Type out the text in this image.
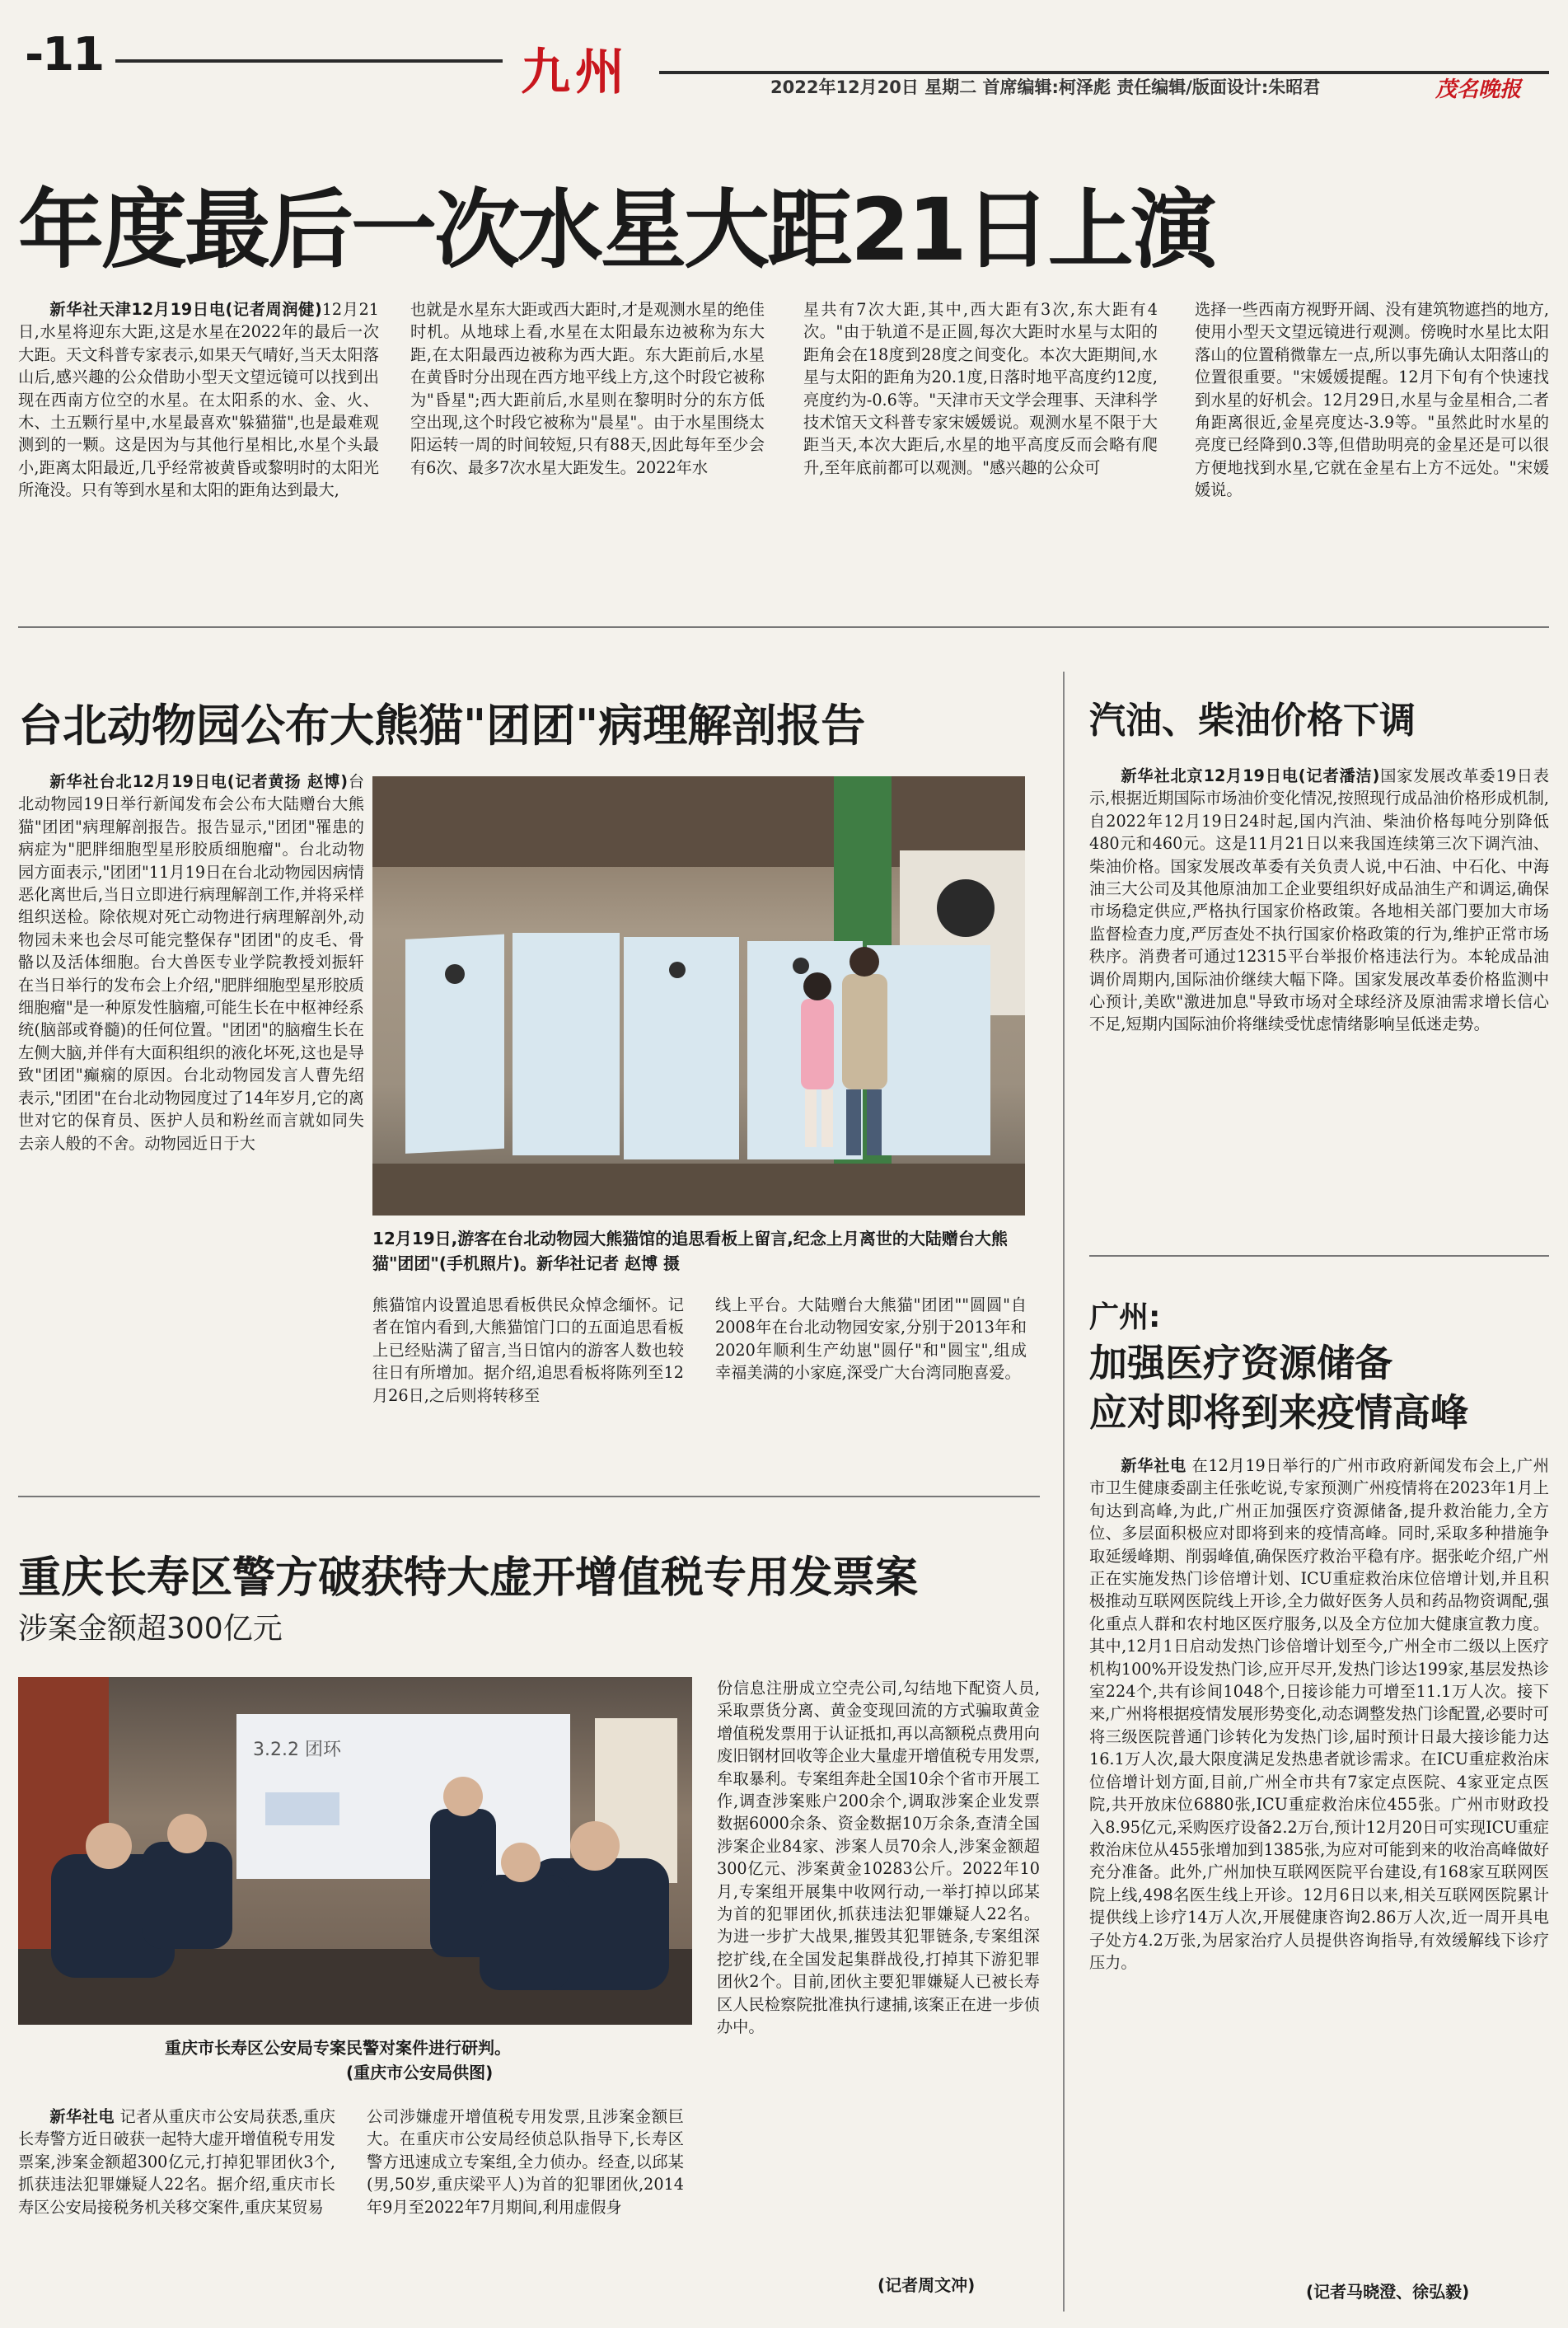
-11	九州	2022年12月20日 星期二 首席编辑:柯泽彪 责任编辑/版面设计:朱昭君	茂名晚报
年度最后一次水星大距21日上演

新华社天津12月19日电(记者周润健)12月21日,水星将迎东大距,这是水星在2022年的最后一次大距。天文科普专家表示,如果天气晴好,当天太阳落山后,感兴趣的公众借助小型天文望远镜可以找到出现在西南方位空的水星。在太阳系的水、金、火、木、土五颗行星中,水星最喜欢"躲猫猫",也是最难观测到的一颗。这是因为与其他行星相比,水星个头最小,距离太阳最近,几乎经常被黄昏或黎明时的太阳光所淹没。只有等到水星和太阳的距角达到最大,

也就是水星东大距或西大距时,才是观测水星的绝佳时机。从地球上看,水星在太阳最东边被称为东大距,在太阳最西边被称为西大距。东大距前后,水星在黄昏时分出现在西方地平线上方,这个时段它被称为"昏星";西大距前后,水星则在黎明时分的东方低空出现,这个时段它被称为"晨星"。由于水星围绕太阳运转一周的时间较短,只有88天,因此每年至少会有6次、最多7次水星大距发生。2022年水

星共有7次大距,其中,西大距有3次,东大距有4次。"由于轨道不是正圆,每次大距时水星与太阳的距角会在18度到28度之间变化。本次大距期间,水星与太阳的距角为20.1度,日落时地平高度约12度,亮度约为-0.6等。"天津市天文学会理事、天津科学技术馆天文科普专家宋媛媛说。观测水星不限于大距当天,本次大距后,水星的地平高度反而会略有爬升,至年底前都可以观测。"感兴趣的公众可

选择一些西南方视野开阔、没有建筑物遮挡的地方,使用小型天文望远镜进行观测。傍晚时水星比太阳落山的位置稍微靠左一点,所以事先确认太阳落山的位置很重要。"宋媛媛提醒。12月下旬有个快速找到水星的好机会。12月29日,水星与金星相合,二者角距离很近,金星亮度达-3.9等。"虽然此时水星的亮度已经降到0.3等,但借助明亮的金星还是可以很方便地找到水星,它就在金星右上方不远处。"宋媛媛说。

台北动物园公布大熊猫"团团"病理解剖报告

新华社台北12月19日电(记者黄扬 赵博)台北动物园19日举行新闻发布会公布大陆赠台大熊猫"团团"病理解剖报告。报告显示,"团团"罹患的病症为"肥胖细胞型星形胶质细胞瘤"。台北动物园方面表示,"团团"11月19日在台北动物园因病情恶化离世后,当日立即进行病理解剖工作,并将采样组织送检。除依规对死亡动物进行病理解剖外,动物园未来也会尽可能完整保存"团团"的皮毛、骨骼以及活体细胞。台大兽医专业学院教授刘振轩在当日举行的发布会上介绍,"肥胖细胞型星形胶质细胞瘤"是一种原发性脑瘤,可能生长在中枢神经系统(脑部或脊髓)的任何位置。"团团"的脑瘤生长在左侧大脑,并伴有大面积组织的液化坏死,这也是导致"团团"癫痫的原因。台北动物园发言人曹先绍表示,"团团"在台北动物园度过了14年岁月,它的离世对它的保育员、医护人员和粉丝而言就如同失去亲人般的不舍。动物园近日于大

12月19日,游客在台北动物园大熊猫馆的追思看板上留言,纪念上月离世的大陆赠台大熊猫"团团"(手机照片)。新华社记者 赵博 摄

熊猫馆内设置追思看板供民众悼念缅怀。记者在馆内看到,大熊猫馆门口的五面追思看板上已经贴满了留言,当日馆内的游客人数也较往日有所增加。据介绍,追思看板将陈列至12月26日,之后则将转移至

线上平台。大陆赠台大熊猫"团团""圆圆"自2008年在台北动物园安家,分别于2013年和2020年顺利生产幼崽"圆仔"和"圆宝",组成幸福美满的小家庭,深受广大台湾同胞喜爱。

汽油、柴油价格下调

新华社北京12月19日电(记者潘洁)国家发展改革委19日表示,根据近期国际市场油价变化情况,按照现行成品油价格形成机制,自2022年12月19日24时起,国内汽油、柴油价格每吨分别降低480元和460元。这是11月21日以来我国连续第三次下调汽油、柴油价格。国家发展改革委有关负责人说,中石油、中石化、中海油三大公司及其他原油加工企业要组织好成品油生产和调运,确保市场稳定供应,严格执行国家价格政策。各地相关部门要加大市场监督检查力度,严厉查处不执行国家价格政策的行为,维护正常市场秩序。消费者可通过12315平台举报价格违法行为。本轮成品油调价周期内,国际油价继续大幅下降。国家发展改革委价格监测中心预计,美欧"激进加息"导致市场对全球经济及原油需求增长信心不足,短期内国际油价将继续受忧虑情绪影响呈低迷走势。

广州:
加强医疗资源储备
应对即将到来疫情高峰

新华社电 在12月19日举行的广州市政府新闻发布会上,广州市卫生健康委副主任张屹说,专家预测广州疫情将在2023年1月上旬达到高峰,为此,广州正加强医疗资源储备,提升救治能力,全方位、多层面积极应对即将到来的疫情高峰。同时,采取多种措施争取延缓峰期、削弱峰值,确保医疗救治平稳有序。据张屹介绍,广州正在实施发热门诊倍增计划、ICU重症救治床位倍增计划,并且积极推动互联网医院线上开诊,全力做好医务人员和药品物资调配,强化重点人群和农村地区医疗服务,以及全方位加大健康宣教力度。其中,12月1日启动发热门诊倍增计划至今,广州全市二级以上医疗机构100%开设发热门诊,应开尽开,发热门诊达199家,基层发热诊室224个,共有诊间1048个,日接诊能力可增至11.1万人次。接下来,广州将根据疫情发展形势变化,动态调整发热门诊配置,必要时可将三级医院普通门诊转化为发热门诊,届时预计日最大接诊能力达16.1万人次,最大限度满足发热患者就诊需求。在ICU重症救治床位倍增计划方面,目前,广州全市共有7家定点医院、4家亚定点医院,共开放床位6880张,ICU重症救治床位455张。广州市财政投入8.95亿元,采购医疗设备2.2万台,预计12月20日可实现ICU重症救治床位从455张增加到1385张,为应对可能到来的收治高峰做好充分准备。此外,广州加快互联网医院平台建设,有168家互联网医院上线,498名医生线上开诊。12月6日以来,相关互联网医院累计提供线上诊疗14万人次,开展健康咨询2.86万人次,近一周开具电子处方4.2万张,为居家治疗人员提供咨询指导,有效缓解线下诊疗压力。

(记者马晓澄、徐弘毅)
重庆长寿区警方破获特大虚开增值税专用发票案
涉案金额超300亿元
3.2.2 团环
重庆市长寿区公安局专案民警对案件进行研判。
(重庆市公安局供图)

新华社电 记者从重庆市公安局获悉,重庆长寿警方近日破获一起特大虚开增值税专用发票案,涉案金额超300亿元,打掉犯罪团伙3个,抓获违法犯罪嫌疑人22名。据介绍,重庆市长寿区公安局接税务机关移交案件,重庆某贸易

公司涉嫌虚开增值税专用发票,且涉案金额巨大。在重庆市公安局经侦总队指导下,长寿区警方迅速成立专案组,全力侦办。经查,以邱某(男,50岁,重庆梁平人)为首的犯罪团伙,2014年9月至2022年7月期间,利用虚假身

份信息注册成立空壳公司,勾结地下配资人员,采取票货分离、黄金变现回流的方式骗取黄金增值税发票用于认证抵扣,再以高额税点费用向废旧钢材回收等企业大量虚开增值税专用发票,牟取暴利。专案组奔赴全国10余个省市开展工作,调查涉案账户200余个,调取涉案企业发票数据6000余条、资金数据10万余条,查清全国涉案企业84家、涉案人员70余人,涉案金额超300亿元、涉案黄金10283公斤。2022年10月,专案组开展集中收网行动,一举打掉以邱某为首的犯罪团伙,抓获违法犯罪嫌疑人22名。为进一步扩大战果,摧毁其犯罪链条,专案组深挖扩线,在全国发起集群战役,打掉其下游犯罪团伙2个。目前,团伙主要犯罪嫌疑人已被长寿区人民检察院批准执行逮捕,该案正在进一步侦办中。

(记者周文冲)
